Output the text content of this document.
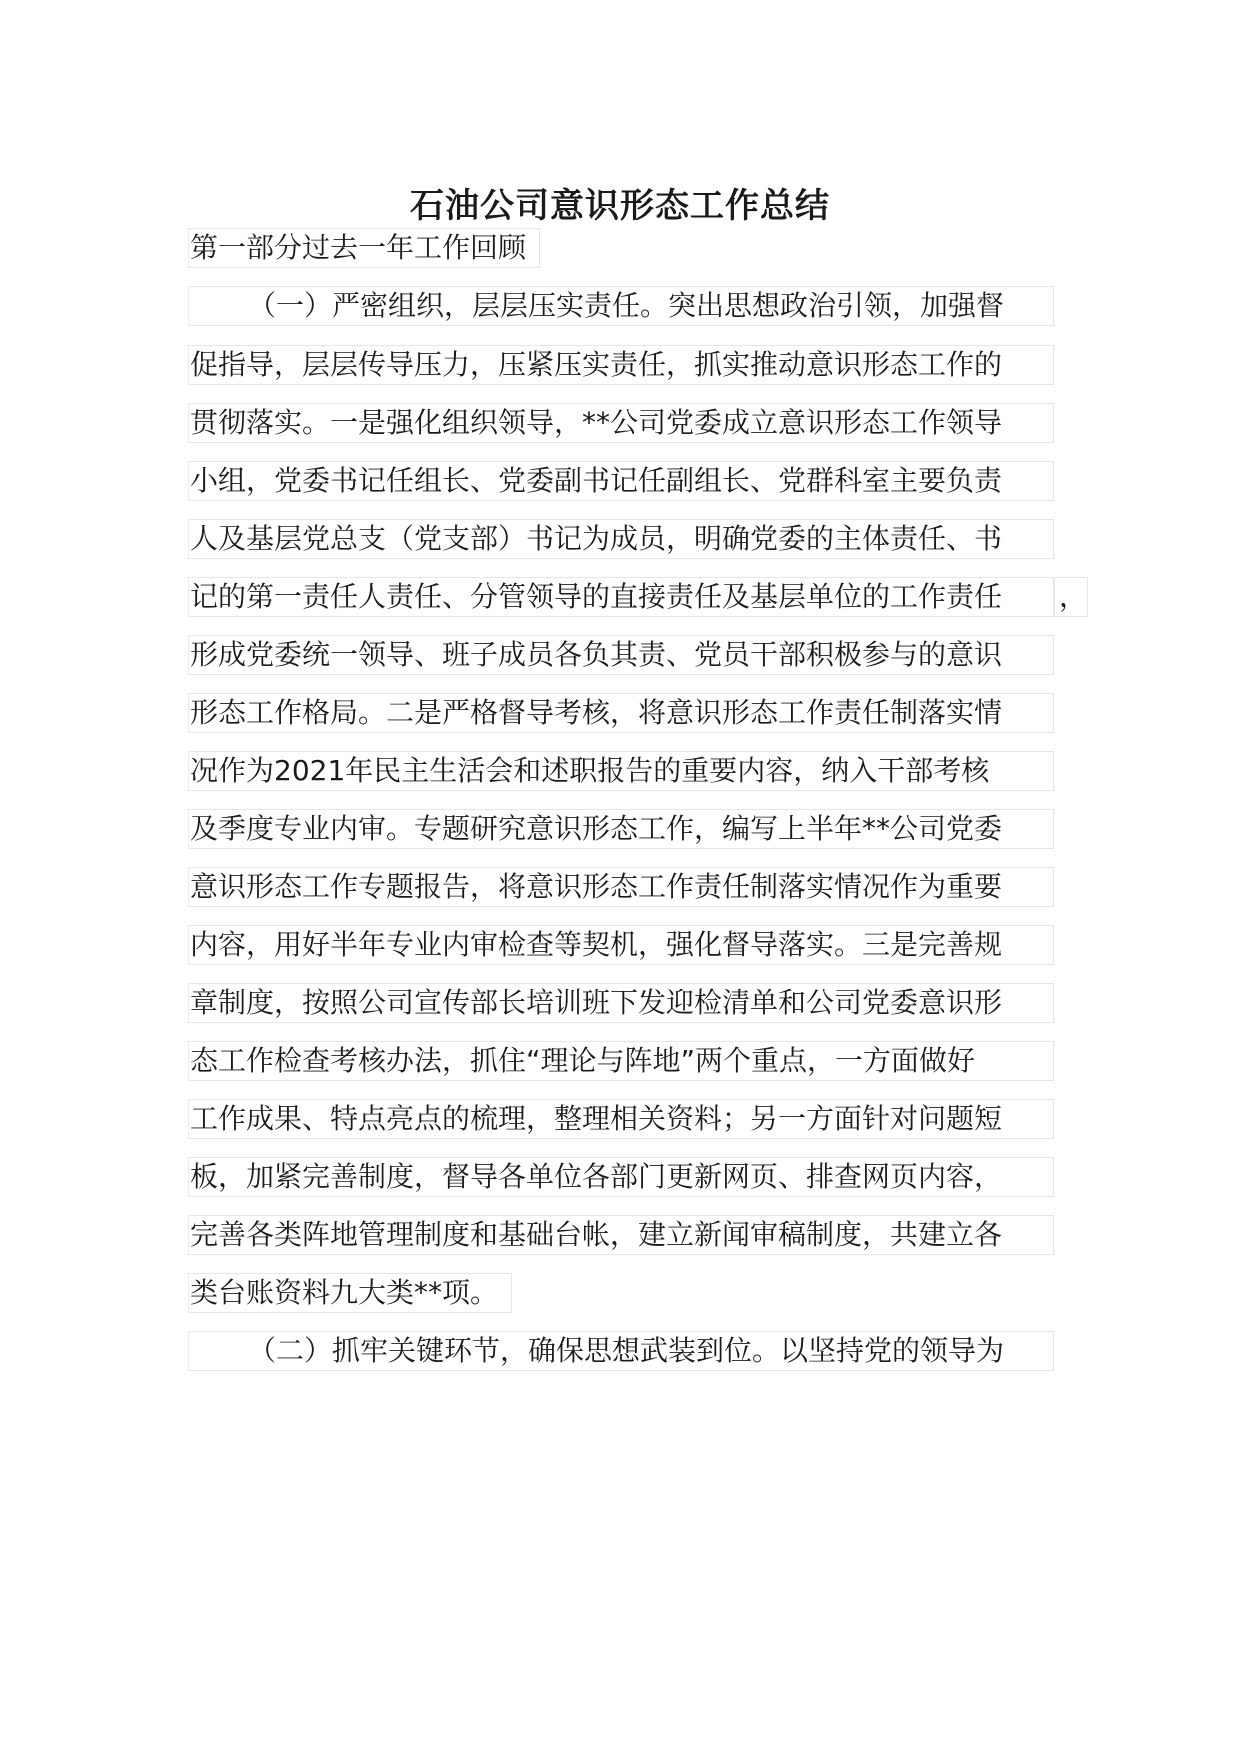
石油公司意识形态工作总结
第一部分过去一年工作回顾
（一）严密组织，层层压实责任。突出思想政治引领，加强督
促指导，层层传导压力，压紧压实责任，抓实推动意识形态工作的
贯彻落实。一是强化组织领导，**公司党委成立意识形态工作领导
小组，党委书记任组长、党委副书记任副组长、党群科室主要负责
人及基层党总支（党支部）书记为成员，明确党委的主体责任、书
记的第一责任人责任、分管领导的直接责任及基层单位的工作责任	，
形成党委统一领导、班子成员各负其责、党员干部积极参与的意识
形态工作格局。二是严格督导考核，将意识形态工作责任制落实情
况作为2021年民主生活会和述职报告的重要内容，纳入干部考核
及季度专业内审。专题研究意识形态工作，编写上半年**公司党委
意识形态工作专题报告，将意识形态工作责任制落实情况作为重要
内容，用好半年专业内审检查等契机，强化督导落实。三是完善规
章制度，按照公司宣传部长培训班下发迎检清单和公司党委意识形
态工作检查考核办法，抓住“理论与阵地”两个重点，一方面做好
工作成果、特点亮点的梳理，整理相关资料；另一方面针对问题短
板，加紧完善制度，督导各单位各部门更新网页、排查网页内容，
完善各类阵地管理制度和基础台帐，建立新闻审稿制度，共建立各
类台账资料九大类**项。
（二）抓牢关键环节，确保思想武装到位。以坚持党的领导为
